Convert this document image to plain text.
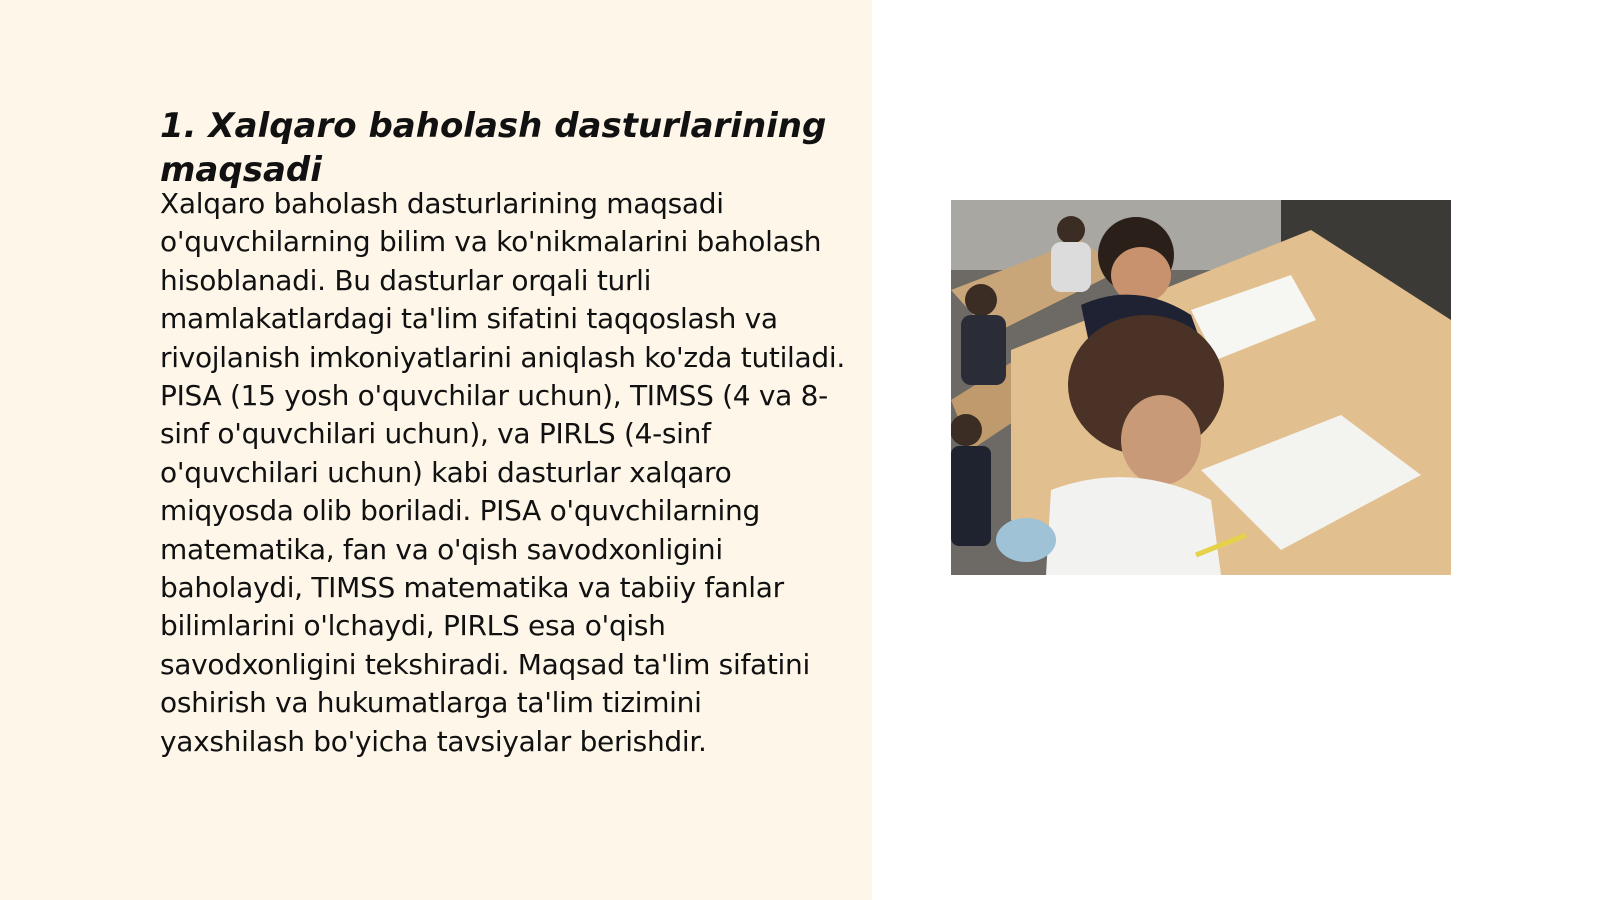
1. Xalqaro baholash dasturlarining maqsadi

Xalqaro baholash dasturlarining maqsadi o'quvchilarning bilim va ko'nikmalarini baholash hisoblanadi. Bu dasturlar orqali turli mamlakatlardagi ta'lim sifatini taqqoslash va rivojlanish imkoniyatlarini aniqlash ko'zda tutiladi. PISA (15 yosh o'quvchilar uchun), TIMSS (4 va 8-sinf o'quvchilari uchun), va PIRLS (4-sinf o'quvchilari uchun) kabi dasturlar xalqaro miqyosda olib boriladi. PISA o'quvchilarning matematika, fan va o'qish savodxonligini baholaydi, TIMSS matematika va tabiiy fanlar bilimlarini o'lchaydi, PIRLS esa o'qish savodxonligini tekshiradi. Maqsad ta'lim sifatini oshirish va hukumatlarga ta'lim tizimini yaxshilash bo'yicha tavsiyalar berishdir.
